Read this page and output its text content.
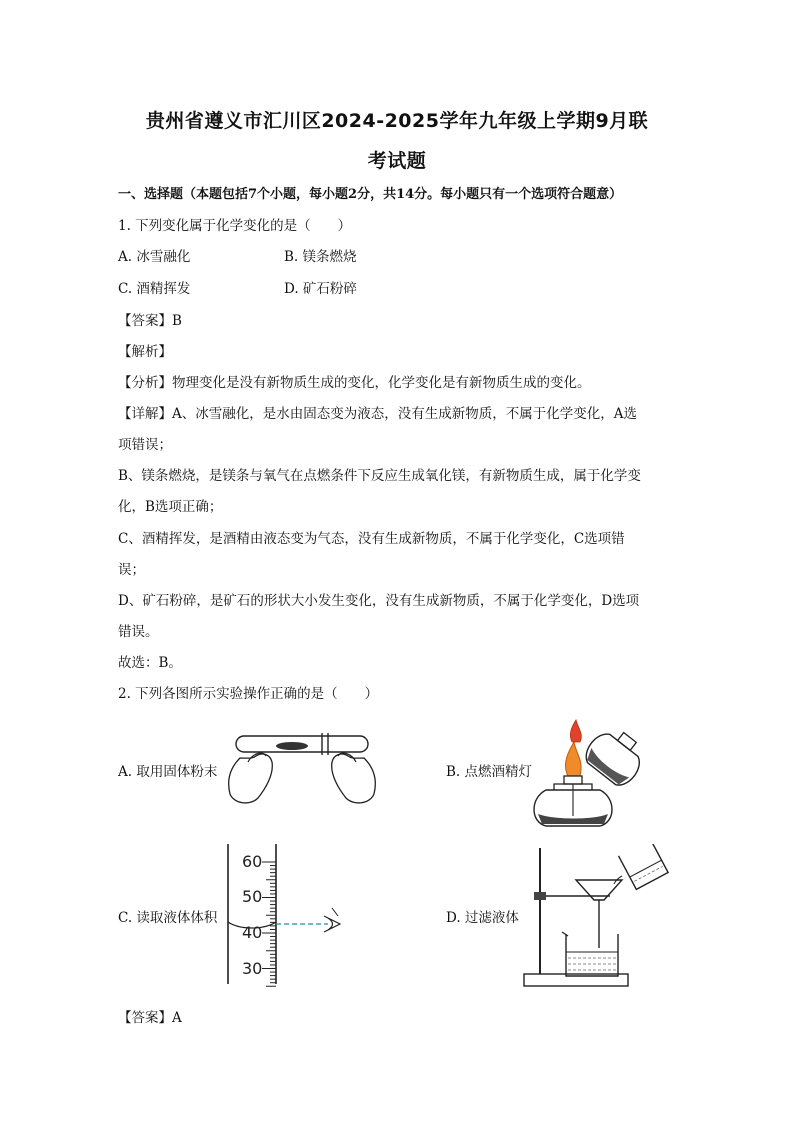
贵州省遵义市汇川区2024-2025学年九年级上学期9月联
考试题
一、选择题（本题包括7个小题，每小题2分，共14分。每小题只有一个选项符合题意）
1. 下列变化属于化学变化的是（　　）
A. 冰雪融化	B. 镁条燃烧
C. 酒精挥发	D. 矿石粉碎
【答案】B
【解析】
【分析】物理变化是没有新物质生成的变化，化学变化是有新物质生成的变化。
【详解】A、冰雪融化，是水由固态变为液态，没有生成新物质，不属于化学变化，A选
项错误；
B、镁条燃烧，是镁条与氧气在点燃条件下反应生成氧化镁，有新物质生成，属于化学变
化，B选项正确；
C、酒精挥发，是酒精由液态变为气态，没有生成新物质，不属于化学变化，C选项错
误；
D、矿石粉碎，是矿石的形状大小发生变化，没有生成新物质，不属于化学变化，D选项
错误。
故选：B。
2. 下列各图所示实验操作正确的是（　　）
A. 取用固体粉末	B. 点燃酒精灯
C. 读取液体体积
60
50
40
30
D. 过滤液体
【答案】A
